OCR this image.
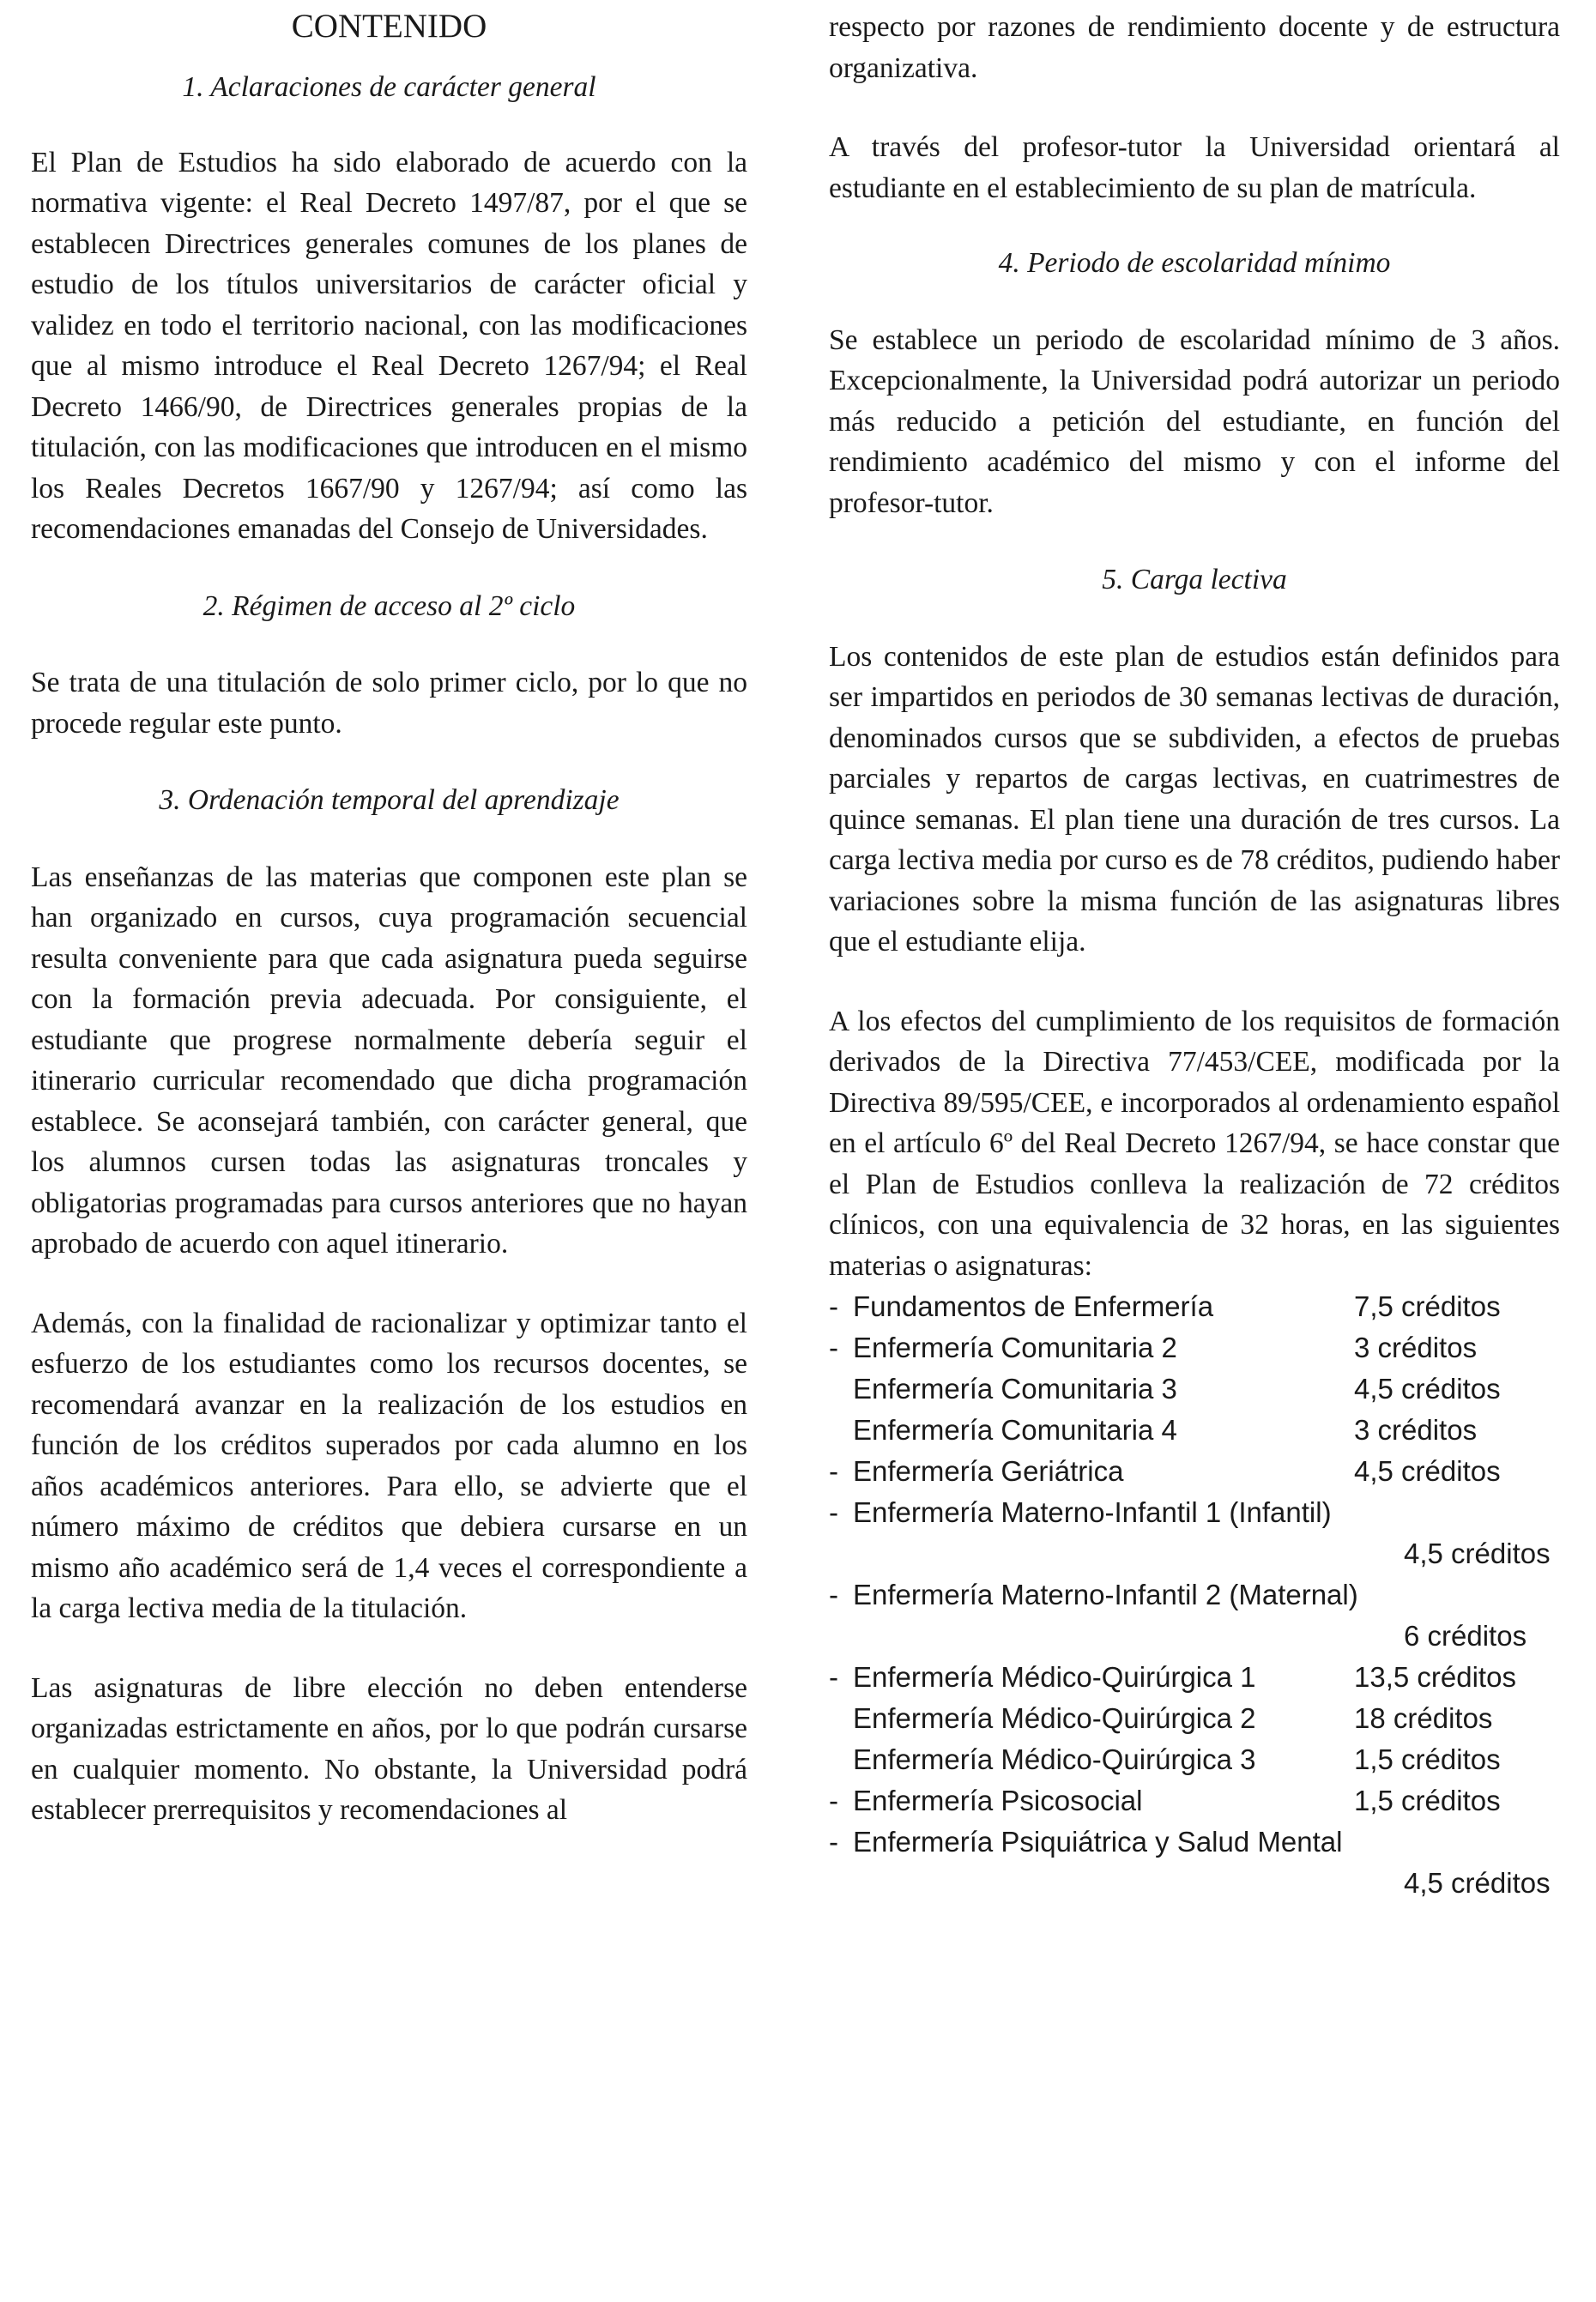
CONTENIDO
1. Aclaraciones de carácter general

El Plan de Estudios ha sido elaborado de acuerdo con la normativa vigente: el Real Decreto 1497/87, por el que se establecen Directrices generales comunes de los planes de estudio de los títulos universitarios de carácter oficial y validez en todo el territorio nacional, con las modificaciones que al mismo introduce el Real Decreto 1267/94; el Real Decreto 1466/90, de Directrices generales propias de la titulación, con las modificaciones que introducen en el mismo los Reales Decretos 1667/90 y 1267/94; así como las recomendaciones emanadas del Consejo de Universidades.

2. Régimen de acceso al 2º ciclo

Se trata de una titulación de solo primer ciclo, por lo que no procede regular este punto.

3. Ordenación temporal del aprendizaje

Las enseñanzas de las materias que componen este plan se han organizado en cursos, cuya programación secuencial resulta conveniente para que cada asignatura pueda seguirse con la formación previa adecuada. Por consiguiente, el estudiante que progrese normalmente debería seguir el itinerario curricular recomendado que dicha programación establece. Se aconsejará también, con carácter general, que los alumnos cursen todas las asignaturas troncales y obligatorias programadas para cursos anteriores que no hayan aprobado de acuerdo con aquel itinerario.

Además, con la finalidad de racionalizar y optimizar tanto el esfuerzo de los estudiantes como los recursos docentes, se recomendará avanzar en la realización de los estudios en función de los créditos superados por cada alumno en los años académicos anteriores. Para ello, se advierte que el número máximo de créditos que debiera cursarse en un mismo año académico será de 1,4 veces el correspondiente a la carga lectiva media de la titulación.

Las asignaturas de libre elección no deben entenderse organizadas estrictamente en años, por lo que podrán cursarse en cualquier momento. No obstante, la Universidad podrá establecer prerrequisitos y recomendaciones al

respecto por razones de rendimiento docente y de estructura organizativa.

A través del profesor-tutor la Universidad orientará al estudiante en el establecimiento de su plan de matrícula.

4. Periodo de escolaridad mínimo

Se establece un periodo de escolaridad mínimo de 3 años. Excepcionalmente, la Universidad podrá autorizar un periodo más reducido a petición del estudiante, en función del rendimiento académico del mismo y con el informe del profesor-tutor.

5. Carga lectiva

Los contenidos de este plan de estudios están definidos para ser impartidos en periodos de 30 semanas lectivas de duración, denominados cursos que se subdividen, a efectos de pruebas parciales y repartos de cargas lectivas, en cuatrimestres de quince semanas. El plan tiene una duración de tres cursos. La carga lectiva media por curso es de 78 créditos, pudiendo haber variaciones sobre la misma función de las asignaturas libres que el estudiante elija.

A los efectos del cumplimiento de los requisitos de formación derivados de la Directiva 77/453/CEE, modificada por la Directiva 89/595/CEE, e incorporados al ordenamiento español en el artículo 6º del Real Decreto 1267/94, se hace constar que el Plan de Estudios conlleva la realización de 72 créditos clínicos, con una equivalencia de 32 horas, en las siguientes materias o asignaturas:

- Fundamentos de Enfermería	7,5 créditos
- Enfermería Comunitaria 2	3 créditos
Enfermería Comunitaria 3	4,5 créditos
Enfermería Comunitaria 4	3 créditos
- Enfermería Geriátrica	4,5 créditos
- Enfermería Materno-Infantil 1 (Infantil)
4,5 créditos
- Enfermería Materno-Infantil 2 (Maternal)
6 créditos
- Enfermería Médico-Quirúrgica 1	13,5 créditos
Enfermería Médico-Quirúrgica 2	18 créditos
Enfermería Médico-Quirúrgica 3	1,5 créditos
- Enfermería Psicosocial	1,5 créditos
- Enfermería Psiquiátrica y Salud Mental
4,5 créditos
